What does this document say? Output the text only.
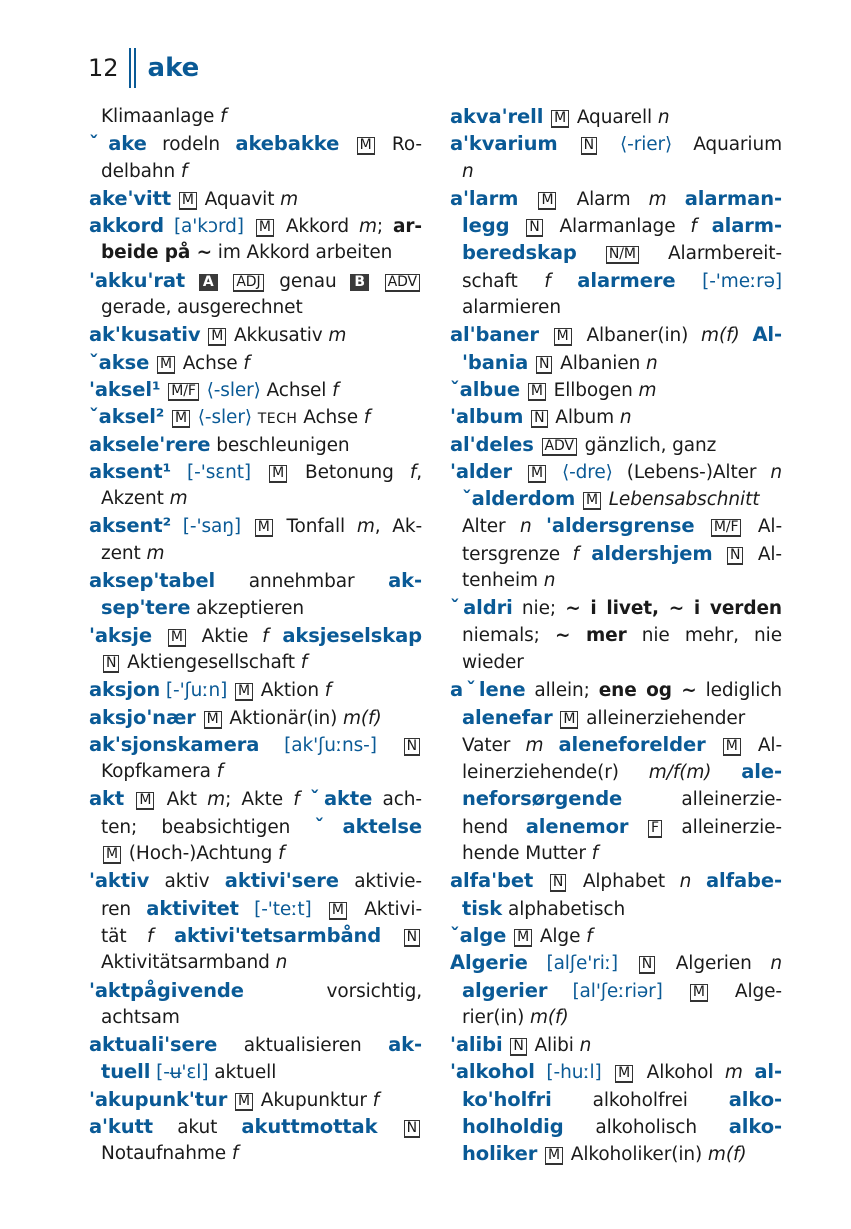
12 ake
Klimaanlage f
ˇake rodeln akebakke M Ro-
delbahn f
ake'vitt M Aquavit m
akkord [a'kɔrd] M Akkord m; ar-
beide på ~ im Akkord arbeiten
'akku'rat A ADJ genau B ADV
gerade, ausgerechnet
ak'kusativ M Akkusativ m
ˇakse M Achse f
'aksel¹ M/F ⟨-sler⟩ Achsel f
ˇaksel² M ⟨-sler⟩ TECH Achse f
aksele'rere beschleunigen
aksent¹ [-'sɛnt] M Betonung f,
Akzent m
aksent² [-'saŋ] M Tonfall m, Ak-
zent m
aksep'tabel annehmbar ak-
sep'tere akzeptieren
'aksje M Aktie f aksjeselskap
N Aktiengesellschaft f
aksjon [-'ʃuːn] M Aktion f
aksjo'nær M Aktionär(in) m(f)
ak'sjonskamera [ak'ʃuːns-] N
Kopfkamera f
akt M Akt m; Akte f ˇakte ach-
ten; beabsichtigen ˇaktelse
M (Hoch-)Achtung f
'aktiv aktiv aktivi'sere aktivie-
ren aktivitet [-'teːt] M Aktivi-
tät f aktivi'tetsarmbånd N
Aktivitätsarmband n
'aktpågivende vorsichtig,
achtsam
aktuali'sere aktualisieren ak-
tuell [-ʉ'ɛl] aktuell
'akupunk'tur M Akupunktur f
a'kutt akut akuttmottak N
Notaufnahme f
akva'rell M Aquarell n
a'kvarium N ⟨-rier⟩ Aquarium
n
a'larm M Alarm m alarman-
legg N Alarmanlage f alarm-
beredskap N/M Alarmbereit-
schaft f alarmere [-'meːrə]
alarmieren
al'baner M Albaner(in) m(f) Al-
'bania N Albanien n
ˇalbue M Ellbogen m
'album N Album n
al'deles ADV gänzlich, ganz
'alder M ⟨-dre⟩ (Lebens-)Alter n
ˇalderdom M Lebensabschnitt
Alter n 'aldersgrense M/F Al-
tersgrenze f aldershjem N Al-
tenheim n
ˇaldri nie; ~ i livet, ~ i verden
niemals; ~ mer nie mehr, nie
wieder
aˇlene allein; ene og ~ lediglich
alenefar M alleinerziehender
Vater m aleneforelder M Al-
leinerziehende(r) m/f(m) ale-
neforsørgende alleinerzie-
hend alenemor F alleinerzie-
hende Mutter f
alfa'bet N Alphabet n alfabe-
tisk alphabetisch
ˇalge M Alge f
Algerie [alʃe'riː] N Algerien n
algerier [al'ʃeːriər] M Alge-
rier(in) m(f)
'alibi N Alibi n
'alkohol [-huːl] M Alkohol m al-
ko'holfri alkoholfrei alko-
holholdig alkoholisch alko-
holiker M Alkoholiker(in) m(f)
